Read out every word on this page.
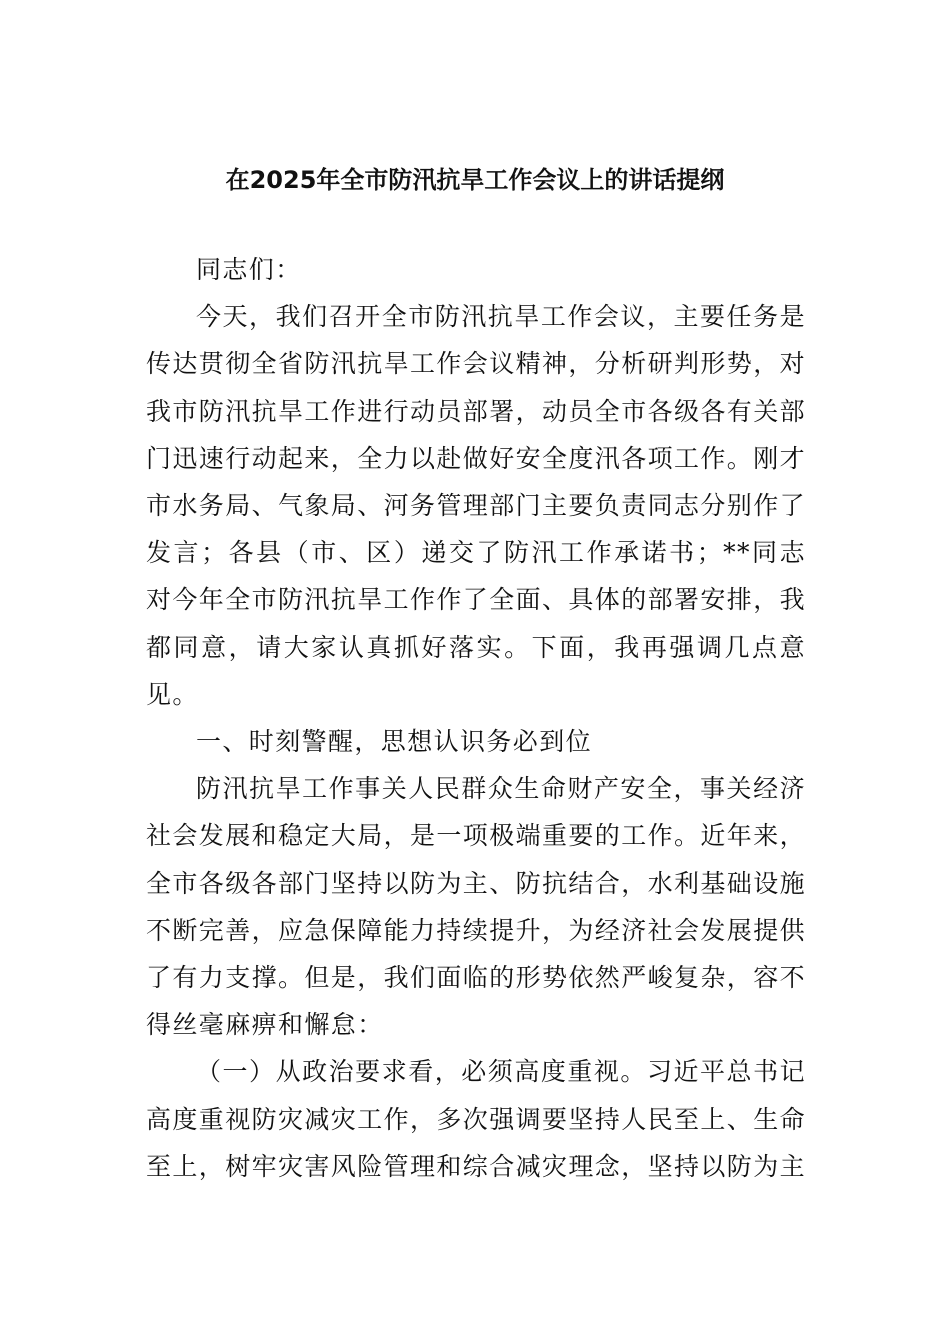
在2025年全市防汛抗旱工作会议上的讲话提纲

同志们：

今天，我们召开全市防汛抗旱工作会议，主要任务是传达贯彻全省防汛抗旱工作会议精神，分析研判形势，对我市防汛抗旱工作进行动员部署，动员全市各级各有关部门迅速行动起来，全力以赴做好安全度汛各项工作。刚才市水务局、气象局、河务管理部门主要负责同志分别作了发言；各县（市、区）递交了防汛工作承诺书；**同志对今年全市防汛抗旱工作作了全面、具体的部署安排，我都同意，请大家认真抓好落实。下面，我再强调几点意见。

一、时刻警醒，思想认识务必到位

防汛抗旱工作事关人民群众生命财产安全，事关经济社会发展和稳定大局，是一项极端重要的工作。近年来，全市各级各部门坚持以防为主、防抗结合，水利基础设施不断完善，应急保障能力持续提升，为经济社会发展提供了有力支撑。但是，我们面临的形势依然严峻复杂，容不得丝毫麻痹和懈怠：

（一）从政治要求看，必须高度重视。习近平总书记高度重视防灾减灾工作，多次强调要坚持人民至上、生命至上，树牢灾害风险管理和综合减灾理念，坚持以防为主
